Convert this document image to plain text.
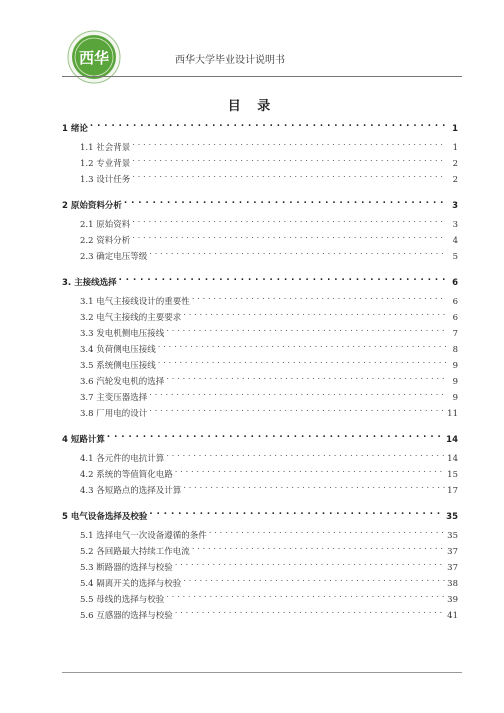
西华	西华大学毕业设计说明书
目 录
1 绪论 . . .	1
1.1 社会背景 . . .	1
1.2 专业背景 . . .	2
1.3 设计任务 . . .	2
2 原始资料分析 . . .	3
2.1 原始资料 . . .	3
2.2 资料分析 . . .	4
2.3 确定电压等级 . . .	5
3. 主接线选择 . . .	6
3.1 电气主接线设计的重要性 . . .	6
3.2 电气主接线的主要要求 . . .	6
3.3 发电机侧电压接线 . . .	7
3.4 负荷侧电压接线 . . .	8
3.5 系统侧电压接线 . . .	9
3.6 汽轮发电机的选择 . . .	9
3.7 主变压器选择 . . .	9
3.8 厂用电的设计 . . .	11
4 短路计算 . . .	14
4.1 各元件的电抗计算 . . .	14
4.2 系统的等值简化电路 . . .	15
4.3 各短路点的选择及计算 . . .	17
5 电气设备选择及校验 . . .	35
5.1 选择电气一次设备遵循的条件 . . .	35
5.2 各回路最大持续工作电流 . . .	37
5.3 断路器的选择与校验 . . .	37
5.4 隔离开关的选择与校验 . . .	38
5.5 母线的选择与校验 . . .	39
5.6 互感器的选择与校验 . . .	41
